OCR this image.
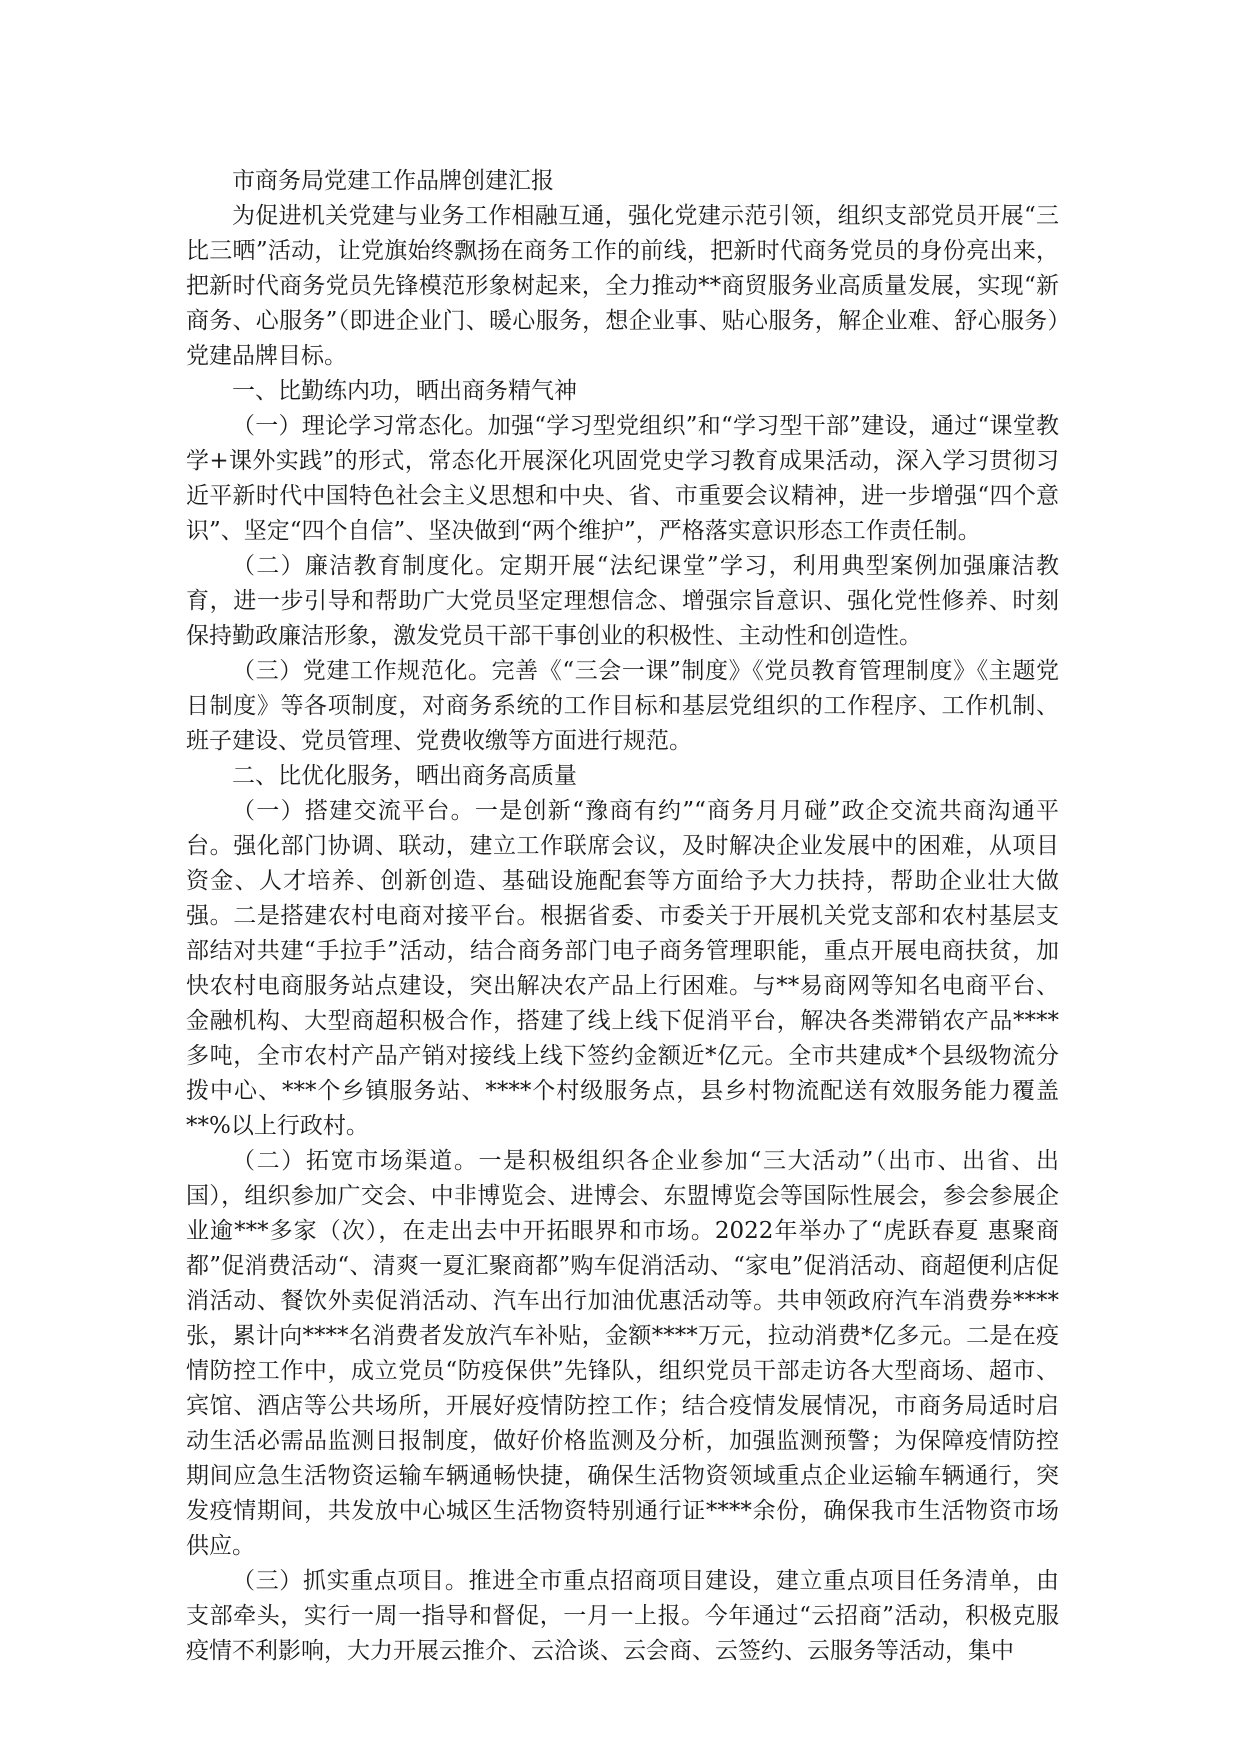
市商务局党建工作品牌创建汇报

为促进机关党建与业务工作相融互通，强化党建示范引领，组织支部党员开展“三比三晒”活动，让党旗始终飘扬在商务工作的前线，把新时代商务党员的身份亮出来，把新时代商务党员先锋模范形象树起来，全力推动**商贸服务业高质量发展，实现“新商务、心服务”（即进企业门、暖心服务，想企业事、贴心服务，解企业难、舒心服务）党建品牌目标。

一、比勤练内功，晒出商务精气神

（一）理论学习常态化。加强“学习型党组织”和“学习型干部”建设，通过“课堂教学+课外实践”的形式，常态化开展深化巩固党史学习教育成果活动，深入学习贯彻习近平新时代中国特色社会主义思想和中央、省、市重要会议精神，进一步增强“四个意识”、坚定“四个自信”、坚决做到“两个维护”，严格落实意识形态工作责任制。

（二）廉洁教育制度化。定期开展“法纪课堂”学习，利用典型案例加强廉洁教育，进一步引导和帮助广大党员坚定理想信念、增强宗旨意识、强化党性修养、时刻保持勤政廉洁形象，激发党员干部干事创业的积极性、主动性和创造性。

（三）党建工作规范化。完善《“三会一课”制度》《党员教育管理制度》《主题党日制度》等各项制度，对商务系统的工作目标和基层党组织的工作程序、工作机制、班子建设、党员管理、党费收缴等方面进行规范。

二、比优化服务，晒出商务高质量

（一）搭建交流平台。一是创新“豫商有约”“商务月月碰”政企交流共商沟通平台。强化部门协调、联动，建立工作联席会议，及时解决企业发展中的困难，从项目资金、人才培养、创新创造、基础设施配套等方面给予大力扶持，帮助企业壮大做强。二是搭建农村电商对接平台。根据省委、市委关于开展机关党支部和农村基层支部结对共建“手拉手”活动，结合商务部门电子商务管理职能，重点开展电商扶贫，加快农村电商服务站点建设，突出解决农产品上行困难。与**易商网等知名电商平台、金融机构、大型商超积极合作，搭建了线上线下促消平台，解决各类滞销农产品****多吨，全市农村产品产销对接线上线下签约金额近*亿元。全市共建成*个县级物流分拨中心、***个乡镇服务站、****个村级服务点，县乡村物流配送有效服务能力覆盖**%以上行政村。

（二）拓宽市场渠道。一是积极组织各企业参加“三大活动”（出市、出省、出国），组织参加广交会、中非博览会、进博会、东盟博览会等国际性展会，参会参展企业逾***多家（次），在走出去中开拓眼界和市场。2022年举办了“虎跃春夏 惠聚商都”促消费活动“、清爽一夏汇聚商都”购车促消活动、“家电”促消活动、商超便利店促消活动、餐饮外卖促消活动、汽车出行加油优惠活动等。共申领政府汽车消费券****张，累计向****名消费者发放汽车补贴，金额****万元，拉动消费*亿多元。二是在疫情防控工作中，成立党员“防疫保供”先锋队，组织党员干部走访各大型商场、超市、宾馆、酒店等公共场所，开展好疫情防控工作；结合疫情发展情况，市商务局适时启动生活必需品监测日报制度，做好价格监测及分析，加强监测预警；为保障疫情防控期间应急生活物资运输车辆通畅快捷，确保生活物资领域重点企业运输车辆通行，突发疫情期间，共发放中心城区生活物资特别通行证****余份，确保我市生活物资市场供应。

（三）抓实重点项目。推进全市重点招商项目建设，建立重点项目任务清单，由支部牵头，实行一周一指导和督促，一月一上报。今年通过“云招商”活动，积极克服疫情不利影响，大力开展云推介、云洽谈、云会商、云签约、云服务等活动，集中
